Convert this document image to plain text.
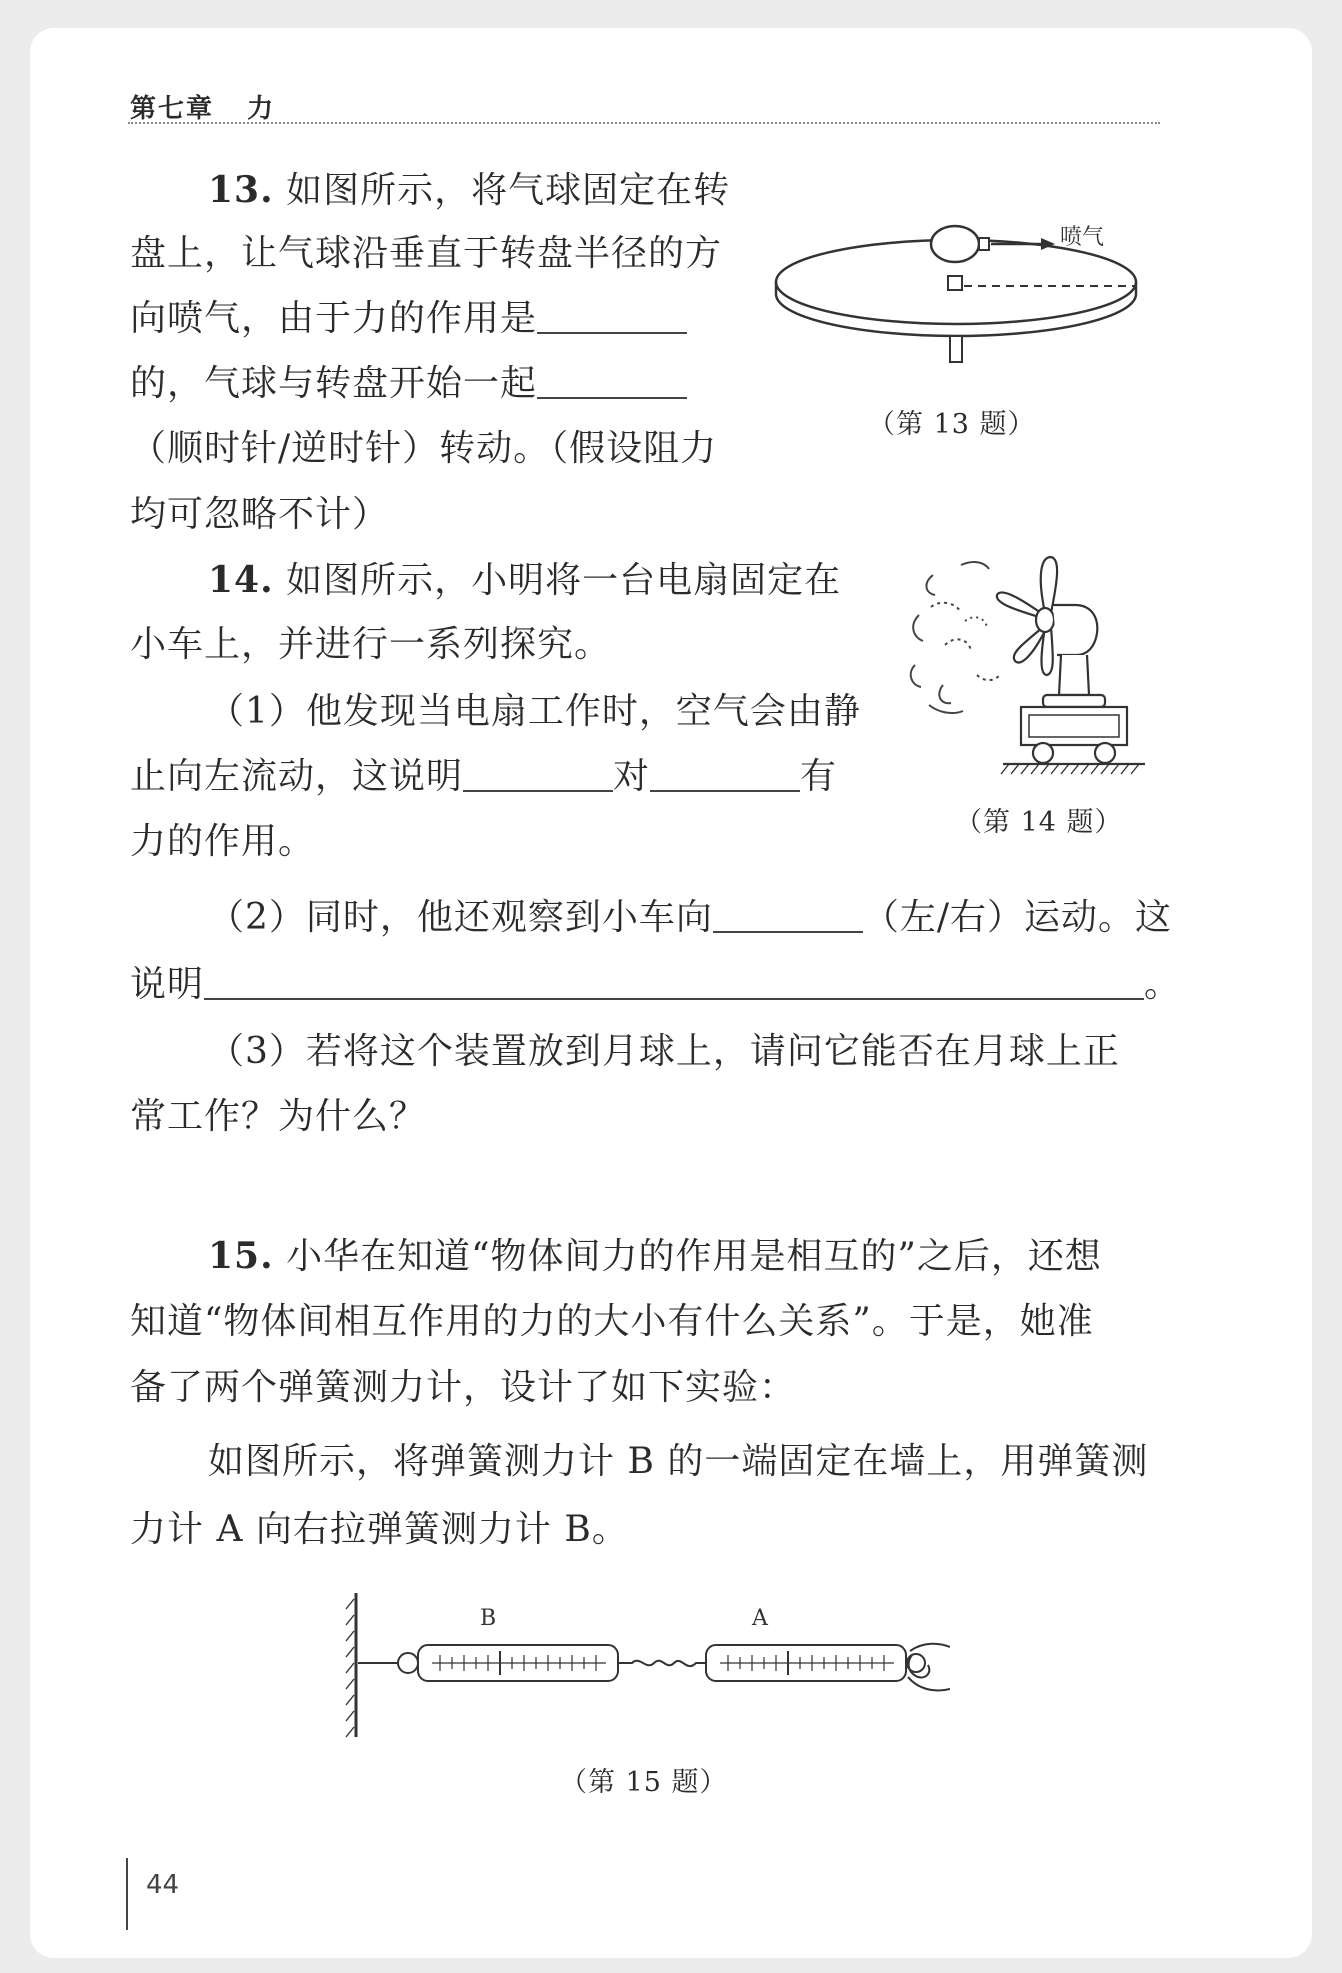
第七章 力
13. 如图所示，将气球固定在转
盘上，让气球沿垂直于转盘半径的方
向喷气，由于力的作用是
的，气球与转盘开始一起
（顺时针/逆时针）转动。（假设阻力
均可忽略不计）
喷气
（第 13 题）
14. 如图所示，小明将一台电扇固定在
小车上，并进行一系列探究。
（1）他发现当电扇工作时，空气会由静
止向左流动，这说明	对	有
力的作用。
（2）同时，他还观察到小车向	（左/右）运动。这
说明	。
（3）若将这个装置放到月球上，请问它能否在月球上正
常工作？为什么？
（第 14 题）
15. 小华在知道“物体间力的作用是相互的”之后，还想
知道“物体间相互作用的力的大小有什么关系”。于是，她准
备了两个弹簧测力计，设计了如下实验：
如图所示，将弹簧测力计 B 的一端固定在墙上，用弹簧测
力计 A 向右拉弹簧测力计 B。
B	A
（第 15 题）
44
